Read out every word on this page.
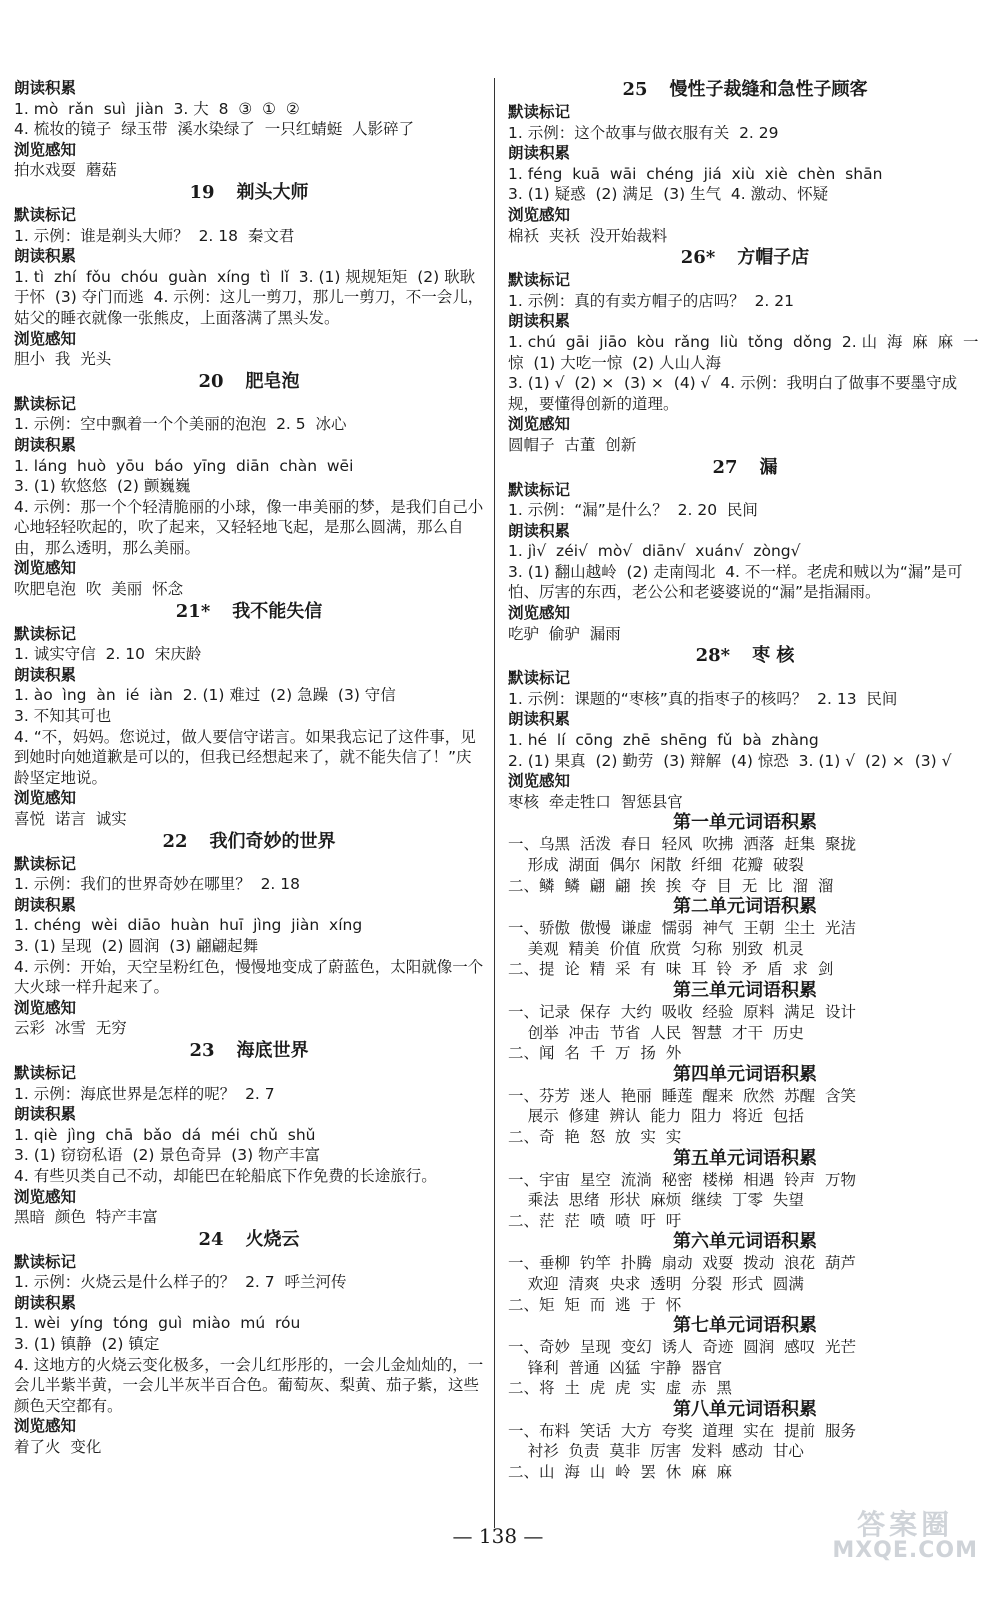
朗读积累
1. mò  rǎn  suì  jiàn  3. 大  8  ③  ①  ②
4. 梳妆的镜子  绿玉带  溪水染绿了  一只红蜻蜓  人影碎了
浏览感知
拍水戏耍  蘑菇
19 剃头大师
默读标记
1. 示例：谁是剃头大师？  2. 18  秦文君
朗读积累
1. tì  zhí  fǒu  chóu  guàn  xíng  tì  lǐ  3. (1) 规规矩矩  (2) 耿耿于怀  (3) 夺门而逃  4. 示例：这儿一剪刀，那儿一剪刀，不一会儿，姑父的睡衣就像一张熊皮，上面落满了黑头发。
浏览感知
胆小  我  光头
20 肥皂泡
默读标记
1. 示例：空中飘着一个个美丽的泡泡  2. 5  冰心
朗读积累
1. láng  huò  yōu  báo  yīng  diān  chàn  wēi
3. (1) 软悠悠  (2) 颤巍巍
4. 示例：那一个个轻清脆丽的小球，像一串美丽的梦，是我们自己小心地轻轻吹起的，吹了起来，又轻轻地飞起，是那么圆满，那么自由，那么透明，那么美丽。
浏览感知
吹肥皂泡  吹  美丽  怀念
21* 我不能失信
默读标记
1. 诚实守信  2. 10  宋庆龄
朗读积累
1. ào  ìng  àn  ié  iàn  2. (1) 难过  (2) 急躁  (3) 守信
3. 不知其可也
4. “不，妈妈。您说过，做人要信守诺言。如果我忘记了这件事，见到她时向她道歉是可以的，但我已经想起来了，就不能失信了！”庆龄坚定地说。
浏览感知
喜悦  诺言  诚实
22 我们奇妙的世界
默读标记
1. 示例：我们的世界奇妙在哪里？  2. 18
朗读积累
1. chéng  wèi  diāo  huàn  huī  jìng  jiàn  xíng
3. (1) 呈现  (2) 圆润  (3) 翩翩起舞
4. 示例：开始，天空呈粉红色，慢慢地变成了蔚蓝色，太阳就像一个大火球一样升起来了。
浏览感知
云彩  冰雪  无穷
23 海底世界
默读标记
1. 示例：海底世界是怎样的呢？  2. 7
朗读积累
1. qiè  jìng  chā  bǎo  dá  méi  chǔ  shǔ
3. (1) 窃窃私语  (2) 景色奇异  (3) 物产丰富
4. 有些贝类自己不动，却能巴在轮船底下作免费的长途旅行。
浏览感知
黑暗  颜色  特产丰富
24 火烧云
默读标记
1. 示例：火烧云是什么样子的？  2. 7  呼兰河传
朗读积累
1. wèi  yíng  tóng  guì  miào  mú  róu
3. (1) 镇静  (2) 镇定
4. 这地方的火烧云变化极多，一会儿红彤彤的，一会儿金灿灿的，一会儿半紫半黄，一会儿半灰半百合色。葡萄灰、梨黄、茄子紫，这些颜色天空都有。
浏览感知
着了火  变化
25 慢性子裁缝和急性子顾客
默读标记
1. 示例：这个故事与做衣服有关  2. 29
朗读积累
1. féng  kuā  wāi  chéng  jiá  xiù  xiè  chèn  shān
3. (1) 疑惑  (2) 满足  (3) 生气  4. 激动、怀疑
浏览感知
棉袄  夹袄  没开始裁料
26* 方帽子店
默读标记
1. 示例：真的有卖方帽子的店吗？  2. 21
朗读积累
1. chú  gāi  jiāo  kòu  rǎng  liù  tǒng  dǒng  2. 山  海  麻  麻  一  惊  (1) 大吃一惊  (2) 人山人海
3. (1) √  (2) ×  (3) ×  (4) √  4. 示例：我明白了做事不要墨守成规，要懂得创新的道理。
浏览感知
圆帽子  古董  创新
27 漏
默读标记
1. 示例：“漏”是什么？  2. 20  民间
朗读积累
1. jì√  zéi√  mò√  diān√  xuán√  zòng√
3. (1) 翻山越岭  (2) 走南闯北  4. 不一样。老虎和贼以为“漏”是可怕、厉害的东西，老公公和老婆婆说的“漏”是指漏雨。
浏览感知
吃驴  偷驴  漏雨
28* 枣 核
默读标记
1. 示例：课题的“枣核”真的指枣子的核吗？  2. 13  民间
朗读积累
1. hé  lí  cōng  zhē  shēng  fǔ  bà  zhàng
2. (1) 果真  (2) 勤劳  (3) 辩解  (4) 惊恐  3. (1) √  (2) ×  (3) √
浏览感知
枣核  牵走牲口  智惩县官
第一单元词语积累
一、乌黑  活泼  春日  轻风  吹拂  洒落  赶集  聚拢
形成  湖面  偶尔  闲散  纤细  花瓣  破裂
二、鳞  鳞  翩  翩  挨  挨  夺  目  无  比  溜  溜
第二单元词语积累
一、骄傲  傲慢  谦虚  懦弱  神气  王朝  尘土  光洁
美观  精美  价值  欣赏  匀称  别致  机灵
二、提  论  精  采  有  味  耳  铃  矛  盾  求  剑
第三单元词语积累
一、记录  保存  大约  吸收  经验  原料  满足  设计
创举  冲击  节省  人民  智慧  才干  历史
二、闻  名  千  万  扬  外
第四单元词语积累
一、芬芳  迷人  艳丽  睡莲  醒来  欣然  苏醒  含笑
展示  修建  辨认  能力  阻力  将近  包括
二、奇  艳  怒  放  实  实
第五单元词语积累
一、宇宙  星空  流淌  秘密  楼梯  相遇  铃声  万物
乘法  思绪  形状  麻烦  继续  丁零  失望
二、茫  茫  喷  喷  吁  吁
第六单元词语积累
一、垂柳  钓竿  扑腾  扇动  戏耍  拨动  浪花  葫芦
欢迎  清爽  央求  透明  分裂  形式  圆满
二、矩  矩  而  逃  于  怀
第七单元词语积累
一、奇妙  呈现  变幻  诱人  奇迹  圆润  感叹  光芒
锋利  普通  凶猛  宇静  器官
二、将  土  虎  虎  实  虚  赤  黑
第八单元词语积累
一、布料  笑话  大方  夸奖  道理  实在  提前  服务
衬衫  负责  莫非  厉害  发料  感动  甘心
二、山  海  山  岭  罢  休  麻  麻
— 138 —	答案圈
MXQE.COM
